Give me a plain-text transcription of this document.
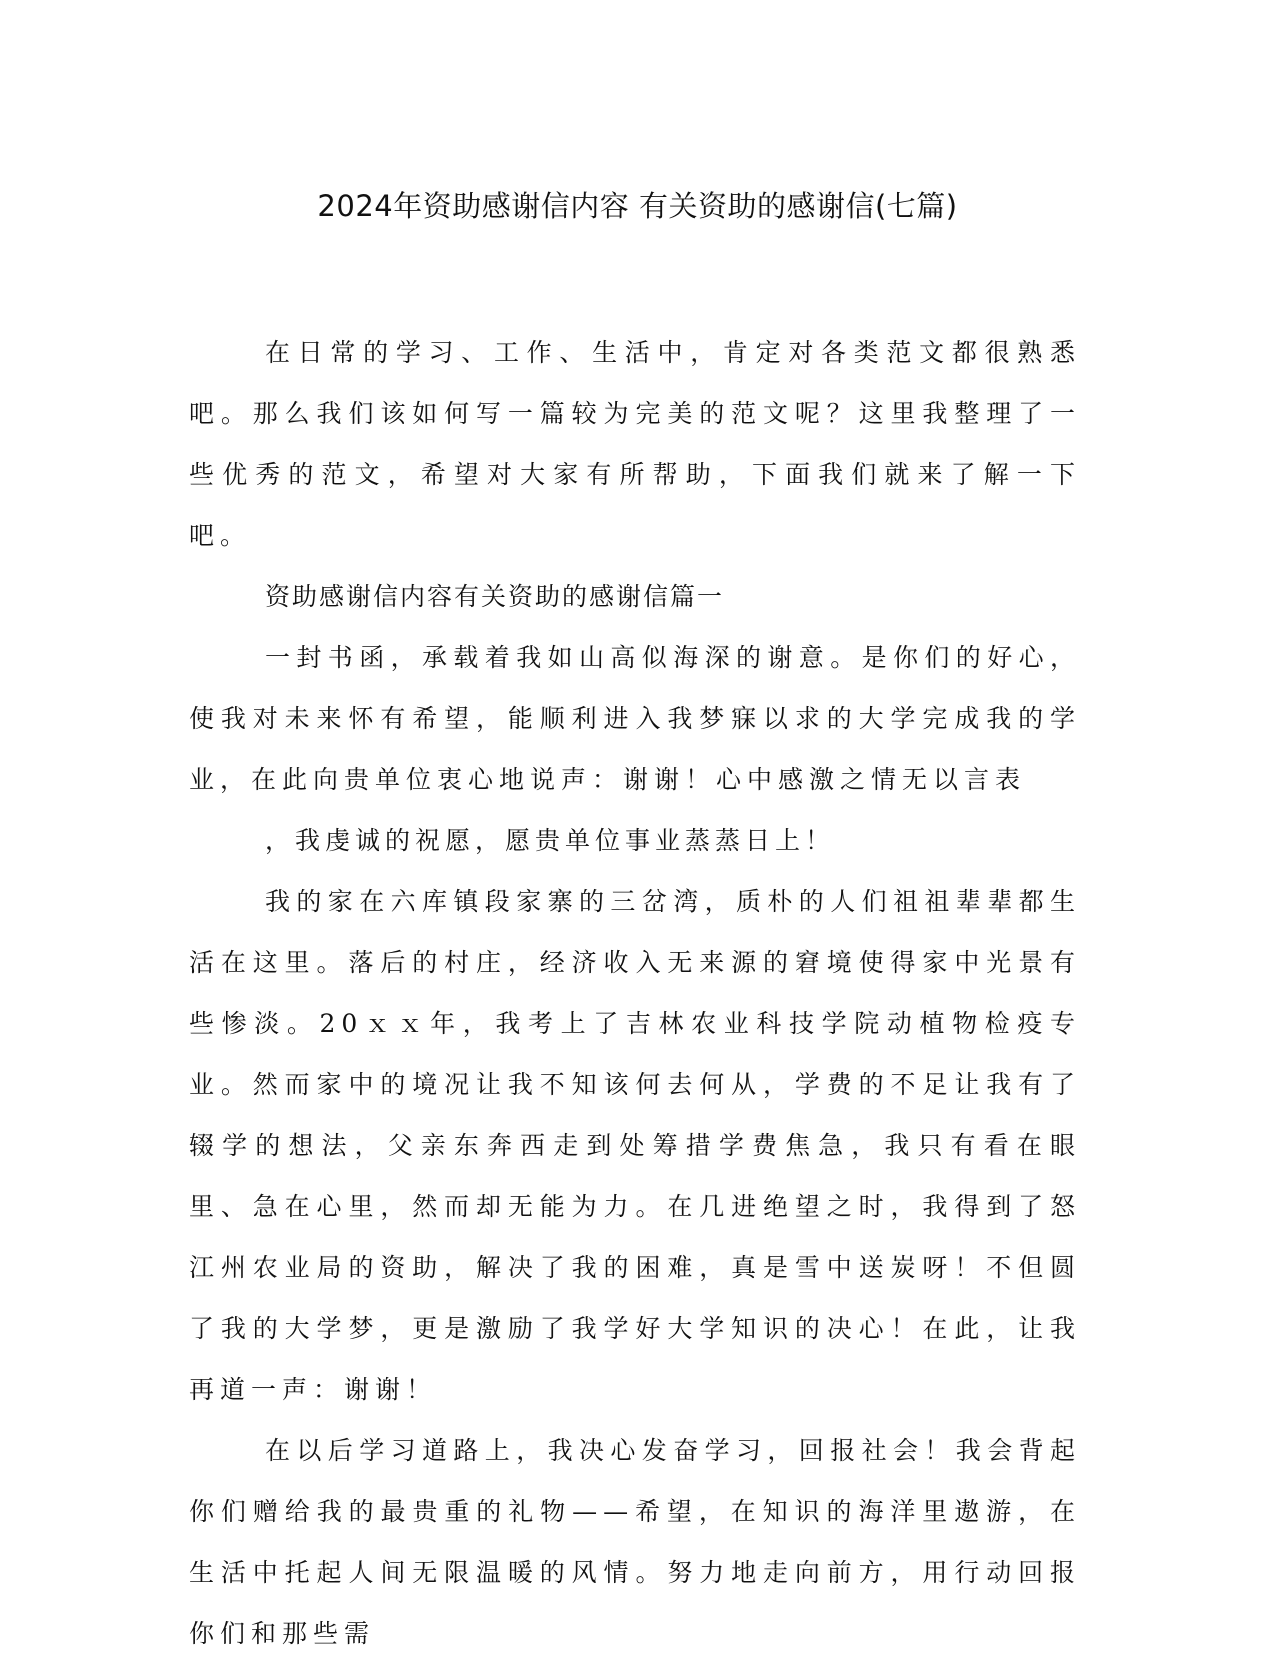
2024年资助感谢信内容 有关资助的感谢信(七篇)

在日常的学习、工作、生活中，肯定对各类范文都很熟悉吧。那么我们该如何写一篇较为完美的范文呢？这里我整理了一些优秀的范文，希望对大家有所帮助，下面我们就来了解一下吧。

资助感谢信内容有关资助的感谢信篇一

一封书函，承载着我如山高似海深的谢意。是你们的好心，使我对未来怀有希望，能顺利进入我梦寐以求的大学完成我的学业，在此向贵单位衷心地说声：谢谢！心中感激之情无以言表

，我虔诚的祝愿，愿贵单位事业蒸蒸日上！

我的家在六库镇段家寨的三岔湾，质朴的人们祖祖辈辈都生活在这里。落后的村庄，经济收入无来源的窘境使得家中光景有些惨淡。20ｘｘ年，我考上了吉林农业科技学院动植物检疫专业。然而家中的境况让我不知该何去何从，学费的不足让我有了辍学的想法，父亲东奔西走到处筹措学费焦急，我只有看在眼里、急在心里，然而却无能为力。在几进绝望之时，我得到了怒江州农业局的资助，解决了我的困难，真是雪中送炭呀！不但圆了我的大学梦，更是激励了我学好大学知识的决心！在此，让我再道一声：谢谢！

在以后学习道路上，我决心发奋学习，回报社会！我会背起你们赠给我的最贵重的礼物——希望，在知识的海洋里遨游，在生活中托起人间无限温暖的风情。努力地走向前方，用行动回报你们和那些需
